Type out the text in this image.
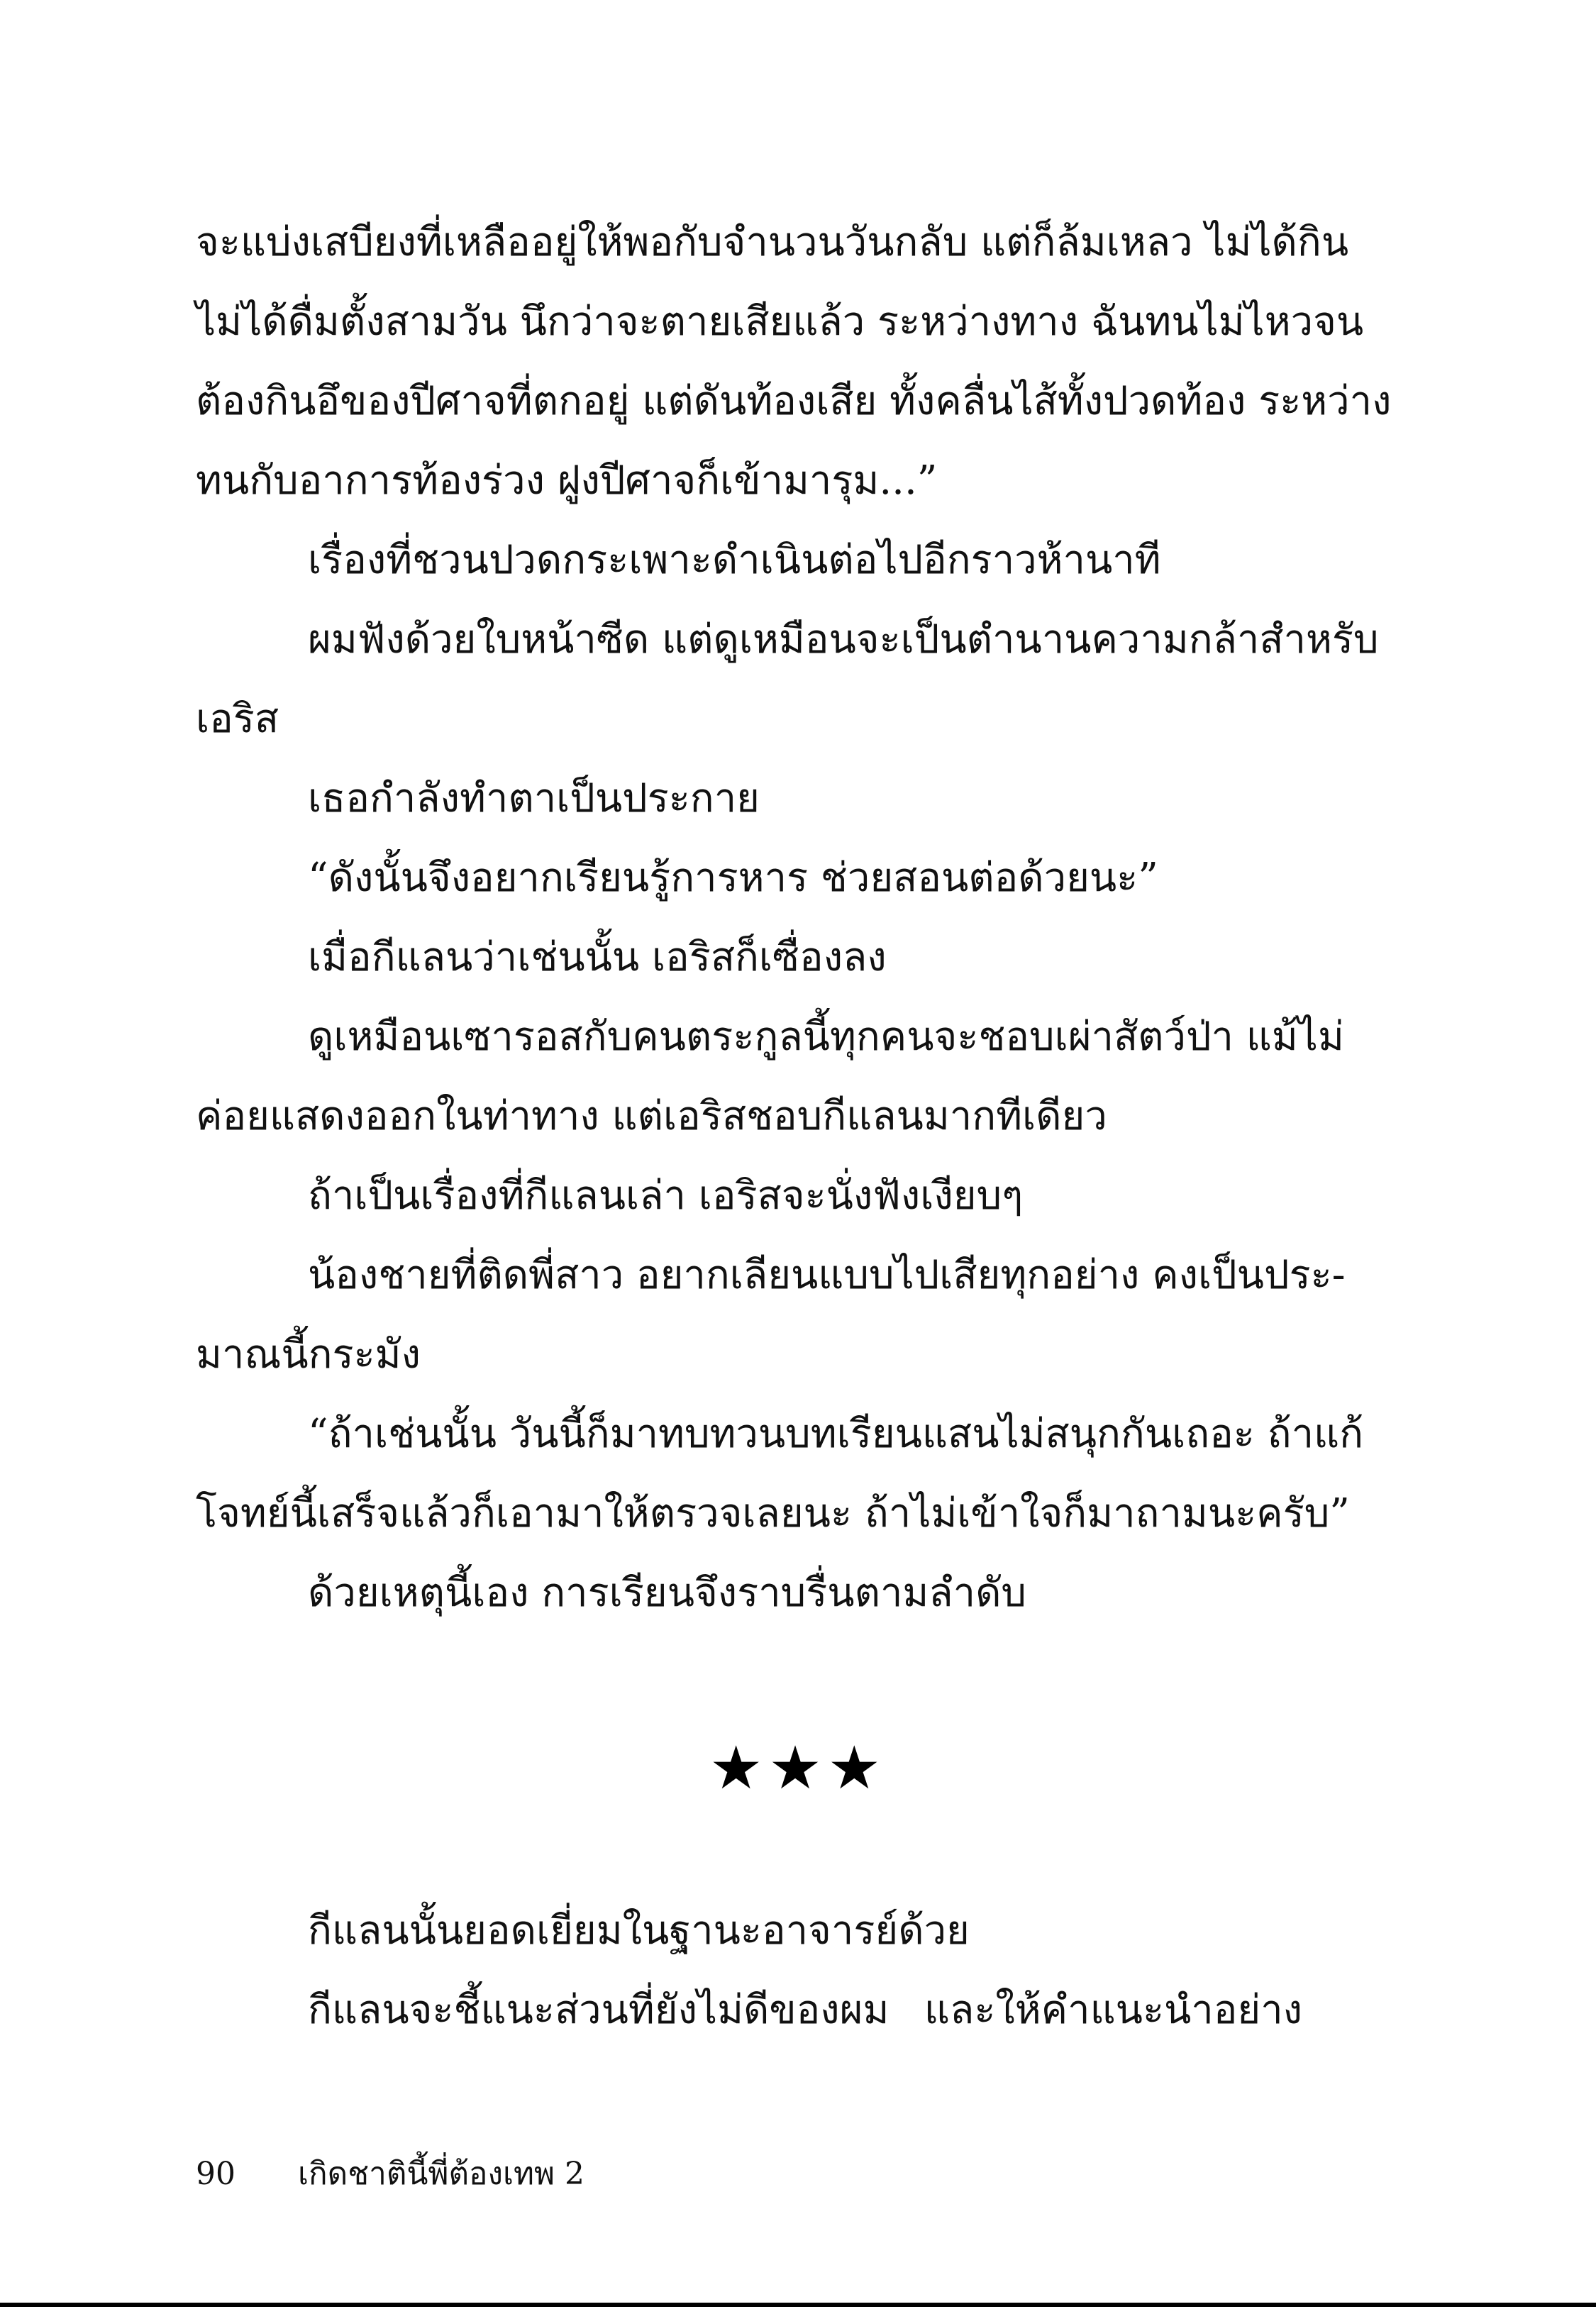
จะแบ่งเสบียงที่เหลืออยู่ให้พอกับจำนวนวันกลับ แต่ก็ล้มเหลว ไม่ได้กิน
ไม่ได้ดื่มตั้งสามวัน นึกว่าจะตายเสียแล้ว ระหว่างทาง ฉันทนไม่ไหวจน
ต้องกินอึของปีศาจที่ตกอยู่ แต่ดันท้องเสีย ทั้งคลื่นไส้ทั้งปวดท้อง ระหว่าง
ทนกับอาการท้องร่วง ฝูงปีศาจก็เข้ามารุม...”
เรื่องที่ชวนปวดกระเพาะดำเนินต่อไปอีกราวห้านาที
ผมฟังด้วยใบหน้าซีด แต่ดูเหมือนจะเป็นตำนานความกล้าสำหรับ
เอริส
เธอกำลังทำตาเป็นประกาย
“ดังนั้นจึงอยากเรียนรู้การหาร ช่วยสอนต่อด้วยนะ”
เมื่อกีแลนว่าเช่นนั้น เอริสก็เซื่องลง
ดูเหมือนเซารอสกับคนตระกูลนี้ทุกคนจะชอบเผ่าสัตว์ป่า แม้ไม่
ค่อยแสดงออกในท่าทาง แต่เอริสชอบกีแลนมากทีเดียว
ถ้าเป็นเรื่องที่กีแลนเล่า เอริสจะนั่งฟังเงียบๆ
น้องชายที่ติดพี่สาว อยากเลียนแบบไปเสียทุกอย่าง คงเป็นประ-
มาณนี้กระมัง
“ถ้าเช่นนั้น วันนี้ก็มาทบทวนบทเรียนแสนไม่สนุกกันเถอะ ถ้าแก้
โจทย์นี้เสร็จแล้วก็เอามาให้ตรวจเลยนะ ถ้าไม่เข้าใจก็มาถามนะครับ”
ด้วยเหตุนี้เอง การเรียนจึงราบรื่นตามลำดับ
★★★
กีแลนนั้นยอดเยี่ยมในฐานะอาจารย์ด้วย
กีแลนจะชี้แนะส่วนที่ยังไม่ดีของผม และให้คำแนะนำอย่าง
90 เกิดชาตินี้พี่ต้องเทพ 2
